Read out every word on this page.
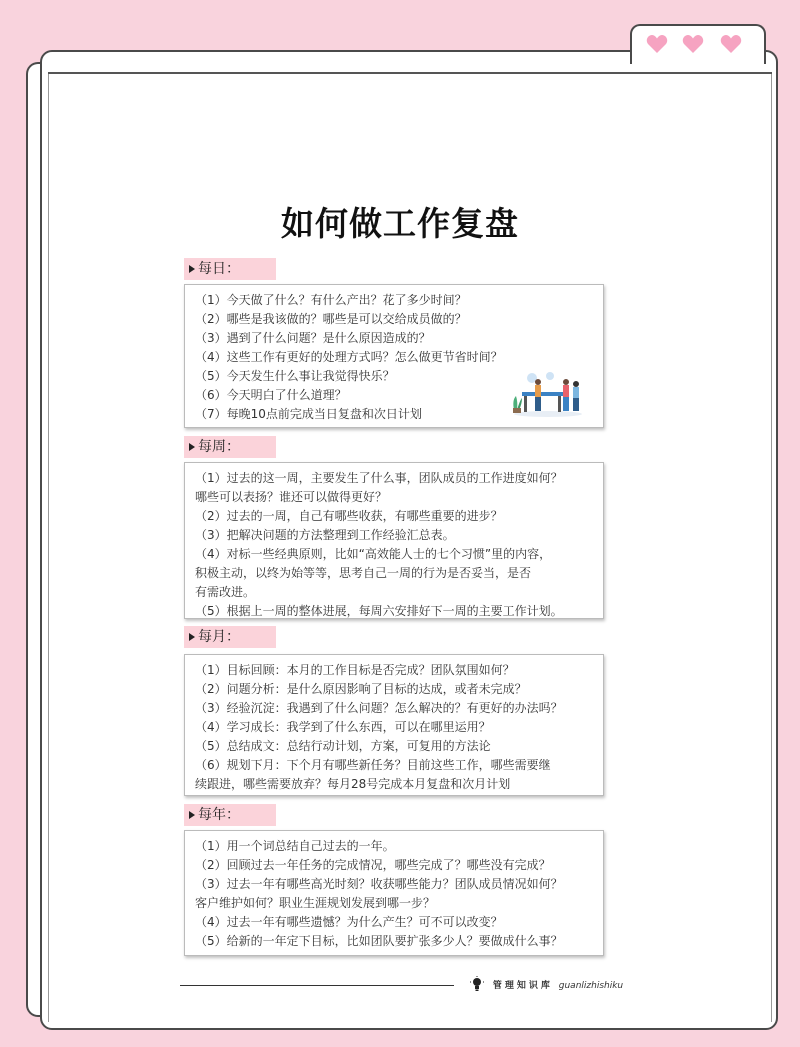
如何做工作复盘
每日：
（1）今天做了什么？有什么产出？花了多少时间？
（2）哪些是我该做的？哪些是可以交给成员做的？
（3）遇到了什么问题？是什么原因造成的？
（4）这些工作有更好的处理方式吗？怎么做更节省时间？
（5）今天发生什么事让我觉得快乐？
（6）今天明白了什么道理？
（7）每晚10点前完成当日复盘和次日计划
每周：
（1）过去的这一周，主要发生了什么事，团队成员的工作进度如何？
哪些可以表扬？谁还可以做得更好？
（2）过去的一周，自己有哪些收获，有哪些重要的进步？
（3）把解决问题的方法整理到工作经验汇总表。
（4）对标一些经典原则，比如“高效能人士的七个习惯”里的内容，
积极主动，以终为始等等，思考自己一周的行为是否妥当，是否
有需改进。
（5）根据上一周的整体进展，每周六安排好下一周的主要工作计划。
每月：
（1）目标回顾：本月的工作目标是否完成？团队氛围如何？
（2）问题分析：是什么原因影响了目标的达成，或者未完成？
（3）经验沉淀：我遇到了什么问题？怎么解决的？有更好的办法吗？
（4）学习成长：我学到了什么东西，可以在哪里运用？
（5）总结成文：总结行动计划，方案，可复用的方法论
（6）规划下月：下个月有哪些新任务？目前这些工作，哪些需要继
续跟进，哪些需要放弃？每月28号完成本月复盘和次月计划
每年：
（1）用一个词总结自己过去的一年。
（2）回顾过去一年任务的完成情况，哪些完成了？哪些没有完成？
（3）过去一年有哪些高光时刻？收获哪些能力？团队成员情况如何？
客户维护如何？职业生涯规划发展到哪一步？
（4）过去一年有哪些遗憾？为什么产生？可不可以改变？
（5）给新的一年定下目标，比如团队要扩张多少人？要做成什么事？
管理知识库 guanlizhishiku
